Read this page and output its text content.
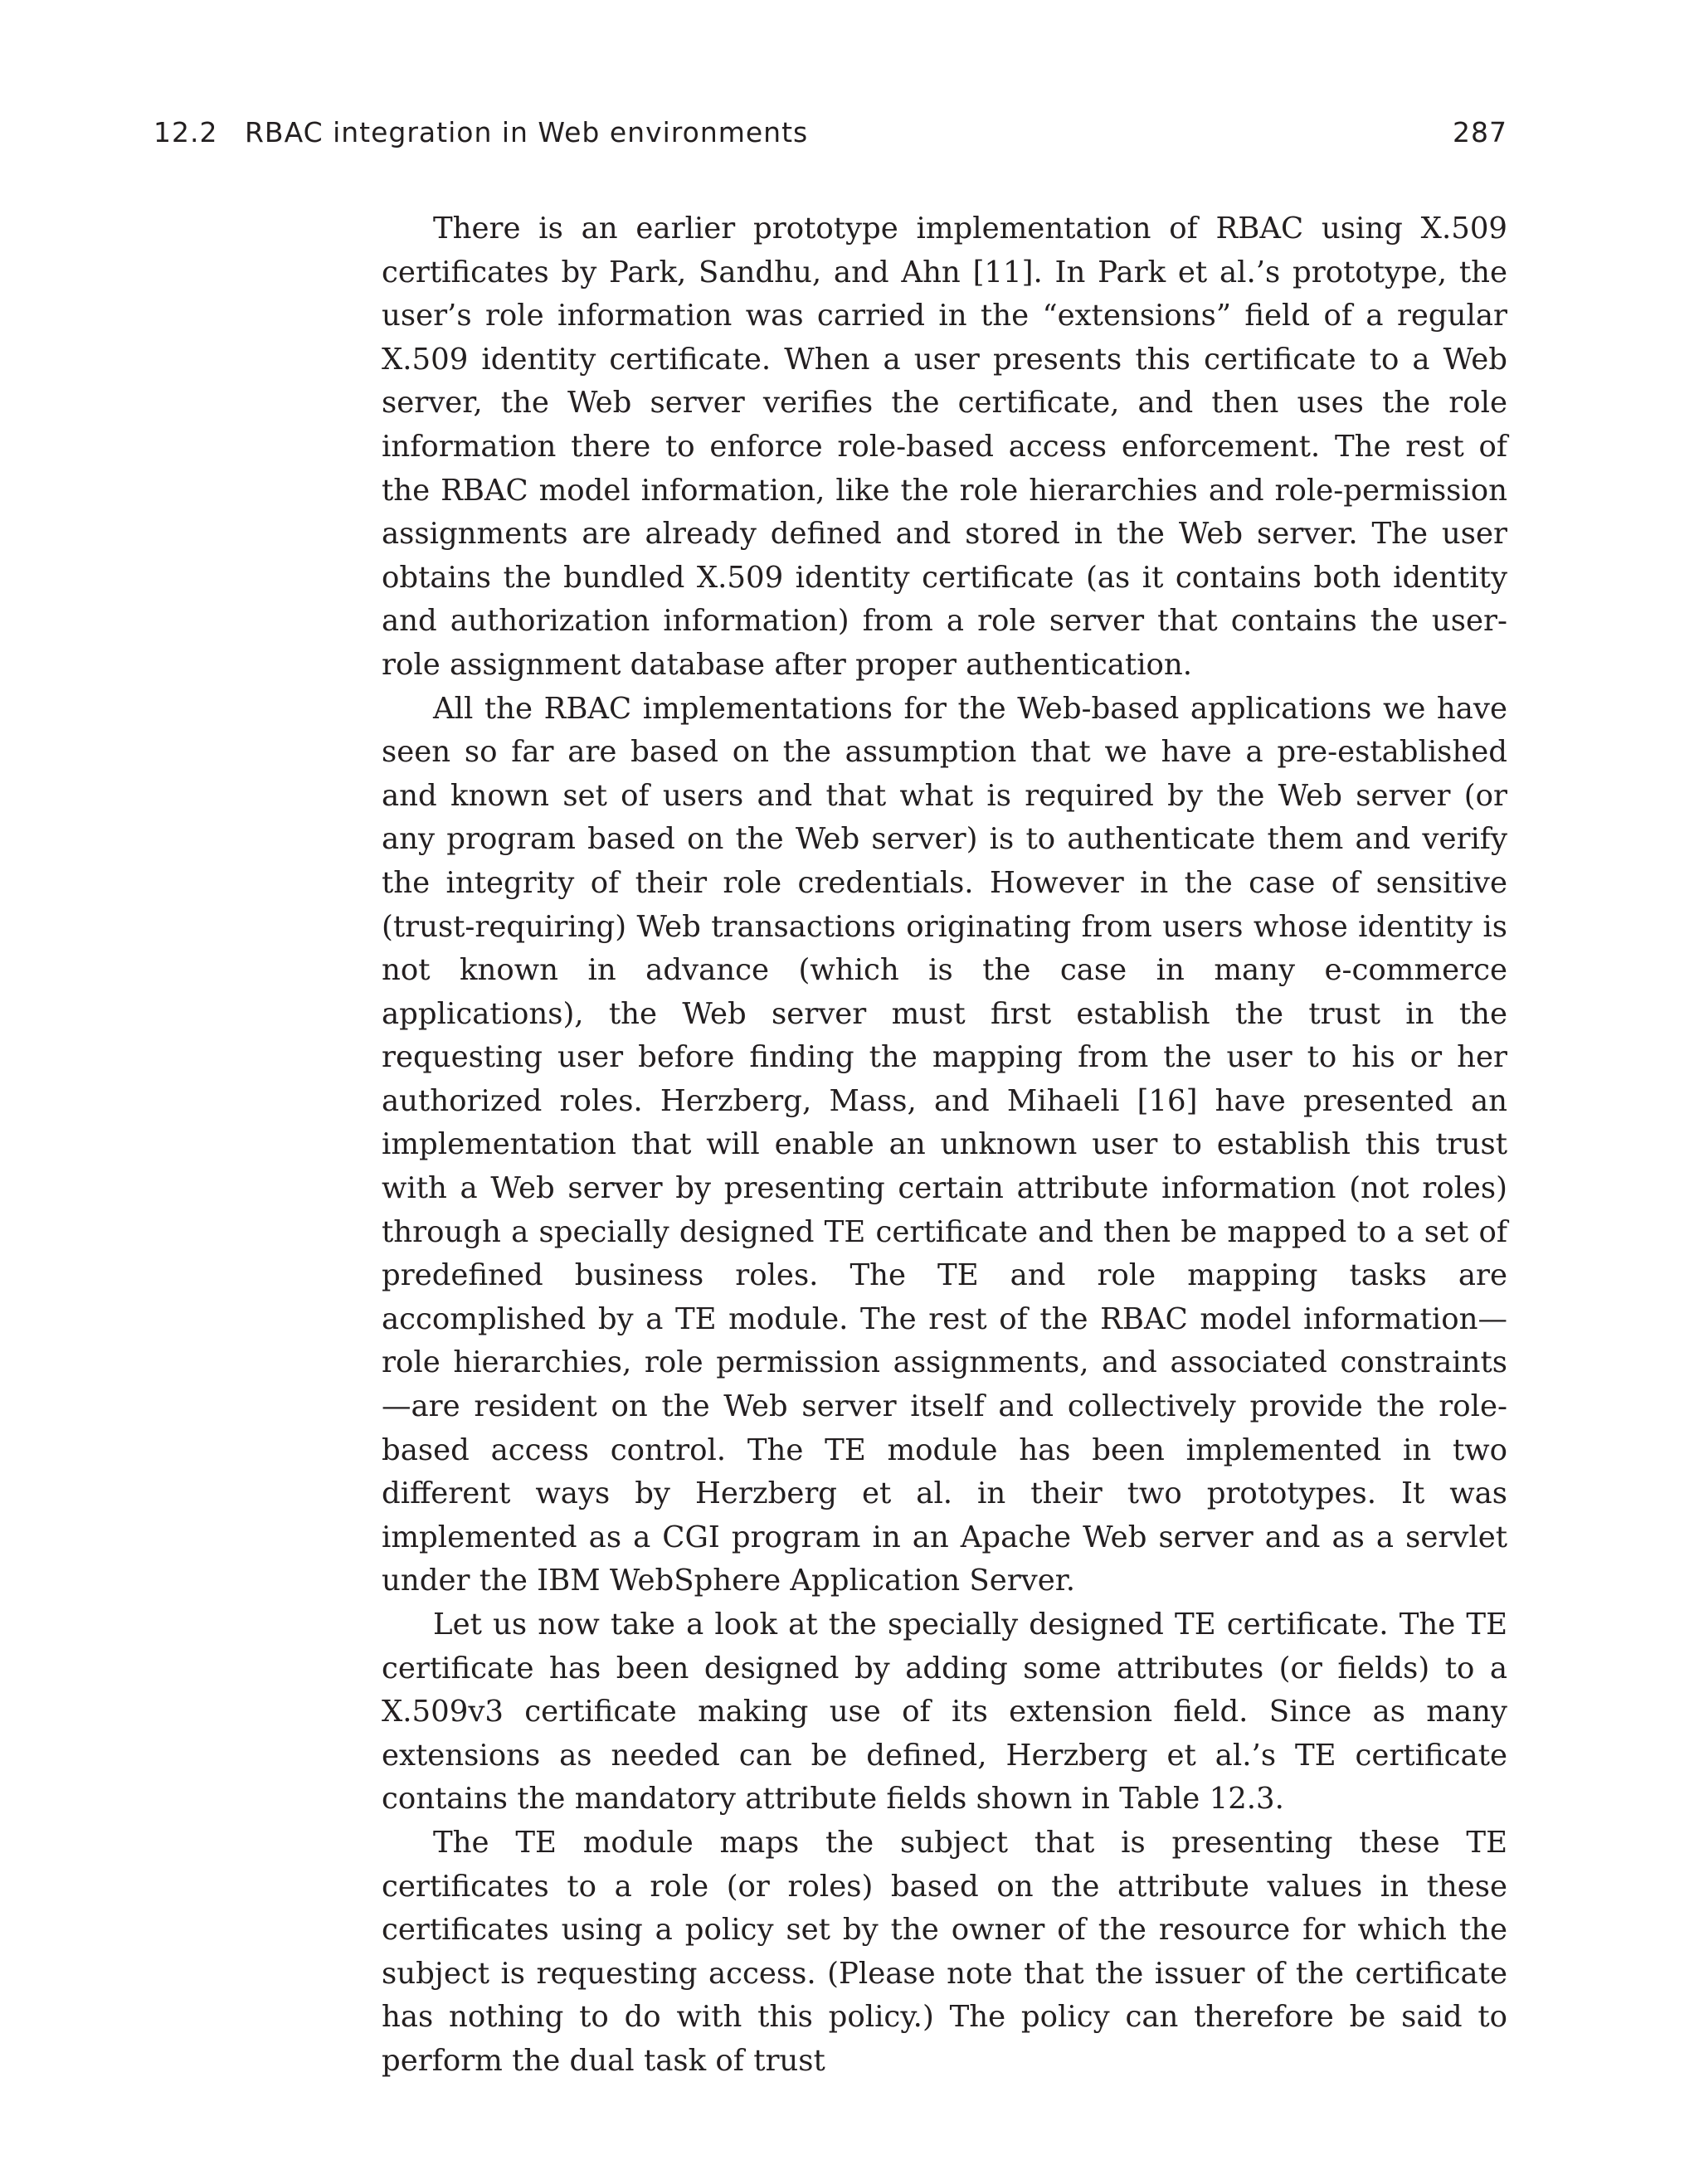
12.2 RBAC integration in Web environments	287

There is an earlier prototype implementation of RBAC using X.509 certificates by Park, Sandhu, and Ahn [11]. In Park et al.’s prototype, the user’s role information was carried in the “extensions” field of a regular X.509 identity certificate. When a user presents this certificate to a Web server, the Web server verifies the certificate, and then uses the role information there to enforce role-based access enforcement. The rest of the RBAC model information, like the role hierarchies and role-permission assignments are already defined and stored in the Web server. The user obtains the bundled X.509 identity certificate (as it contains both identity and authorization information) from a role server that contains the user-role assignment database after proper authentication.

All the RBAC implementations for the Web-based applications we have seen so far are based on the assumption that we have a pre-established and known set of users and that what is required by the Web server (or any program based on the Web server) is to authenticate them and verify the integrity of their role credentials. However in the case of sensitive (trust-requiring) Web transactions originating from users whose identity is not known in advance (which is the case in many e-commerce applications), the Web server must first establish the trust in the requesting user before finding the mapping from the user to his or her authorized roles. Herzberg, Mass, and Mihaeli [16] have presented an implementation that will enable an unknown user to establish this trust with a Web server by presenting certain attribute information (not roles) through a specially designed TE certificate and then be mapped to a set of predefined business roles. The TE and role mapping tasks are accomplished by a TE module. The rest of the RBAC model information—role hierarchies, role permission assignments, and associated constraints—are resident on the Web server itself and collectively provide the role-based access control. The TE module has been implemented in two different ways by Herzberg et al. in their two prototypes. It was implemented as a CGI program in an Apache Web server and as a servlet under the IBM WebSphere Application Server.

Let us now take a look at the specially designed TE certificate. The TE certificate has been designed by adding some attributes (or fields) to a X.509v3 certificate making use of its extension field. Since as many extensions as needed can be defined, Herzberg et al.’s TE certificate contains the mandatory attribute fields shown in Table 12.3.

The TE module maps the subject that is presenting these TE certificates to a role (or roles) based on the attribute values in these certificates using a policy set by the owner of the resource for which the subject is requesting access. (Please note that the issuer of the certificate has nothing to do with this policy.) The policy can therefore be said to perform the dual task of trust
